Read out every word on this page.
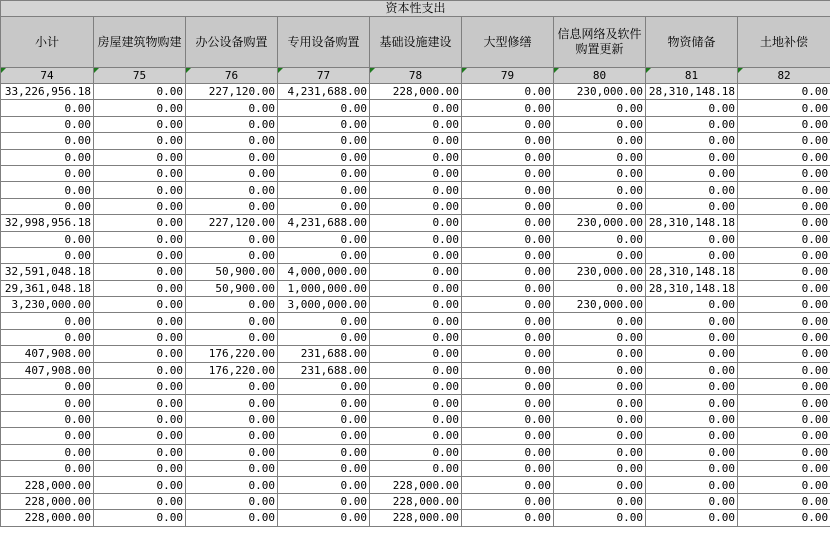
资本性支出								
小计	房屋建筑物购建	办公设备购置	专用设备购置	基础设施建设	大型修缮	信息网络及软件购置更新	物资储备	土地补偿
74	75	76	77	78	79	80	81	82
33,226,956.18	0.00	227,120.00	4,231,688.00	228,000.00	0.00	230,000.00	28,310,148.18	0.00
0.00	0.00	0.00	0.00	0.00	0.00	0.00	0.00	0.00
0.00	0.00	0.00	0.00	0.00	0.00	0.00	0.00	0.00
0.00	0.00	0.00	0.00	0.00	0.00	0.00	0.00	0.00
0.00	0.00	0.00	0.00	0.00	0.00	0.00	0.00	0.00
0.00	0.00	0.00	0.00	0.00	0.00	0.00	0.00	0.00
0.00	0.00	0.00	0.00	0.00	0.00	0.00	0.00	0.00
0.00	0.00	0.00	0.00	0.00	0.00	0.00	0.00	0.00
32,998,956.18	0.00	227,120.00	4,231,688.00	0.00	0.00	230,000.00	28,310,148.18	0.00
0.00	0.00	0.00	0.00	0.00	0.00	0.00	0.00	0.00
0.00	0.00	0.00	0.00	0.00	0.00	0.00	0.00	0.00
32,591,048.18	0.00	50,900.00	4,000,000.00	0.00	0.00	230,000.00	28,310,148.18	0.00
29,361,048.18	0.00	50,900.00	1,000,000.00	0.00	0.00	0.00	28,310,148.18	0.00
3,230,000.00	0.00	0.00	3,000,000.00	0.00	0.00	230,000.00	0.00	0.00
0.00	0.00	0.00	0.00	0.00	0.00	0.00	0.00	0.00
0.00	0.00	0.00	0.00	0.00	0.00	0.00	0.00	0.00
407,908.00	0.00	176,220.00	231,688.00	0.00	0.00	0.00	0.00	0.00
407,908.00	0.00	176,220.00	231,688.00	0.00	0.00	0.00	0.00	0.00
0.00	0.00	0.00	0.00	0.00	0.00	0.00	0.00	0.00
0.00	0.00	0.00	0.00	0.00	0.00	0.00	0.00	0.00
0.00	0.00	0.00	0.00	0.00	0.00	0.00	0.00	0.00
0.00	0.00	0.00	0.00	0.00	0.00	0.00	0.00	0.00
0.00	0.00	0.00	0.00	0.00	0.00	0.00	0.00	0.00
0.00	0.00	0.00	0.00	0.00	0.00	0.00	0.00	0.00
228,000.00	0.00	0.00	0.00	228,000.00	0.00	0.00	0.00	0.00
228,000.00	0.00	0.00	0.00	228,000.00	0.00	0.00	0.00	0.00
228,000.00	0.00	0.00	0.00	228,000.00	0.00	0.00	0.00	0.00
